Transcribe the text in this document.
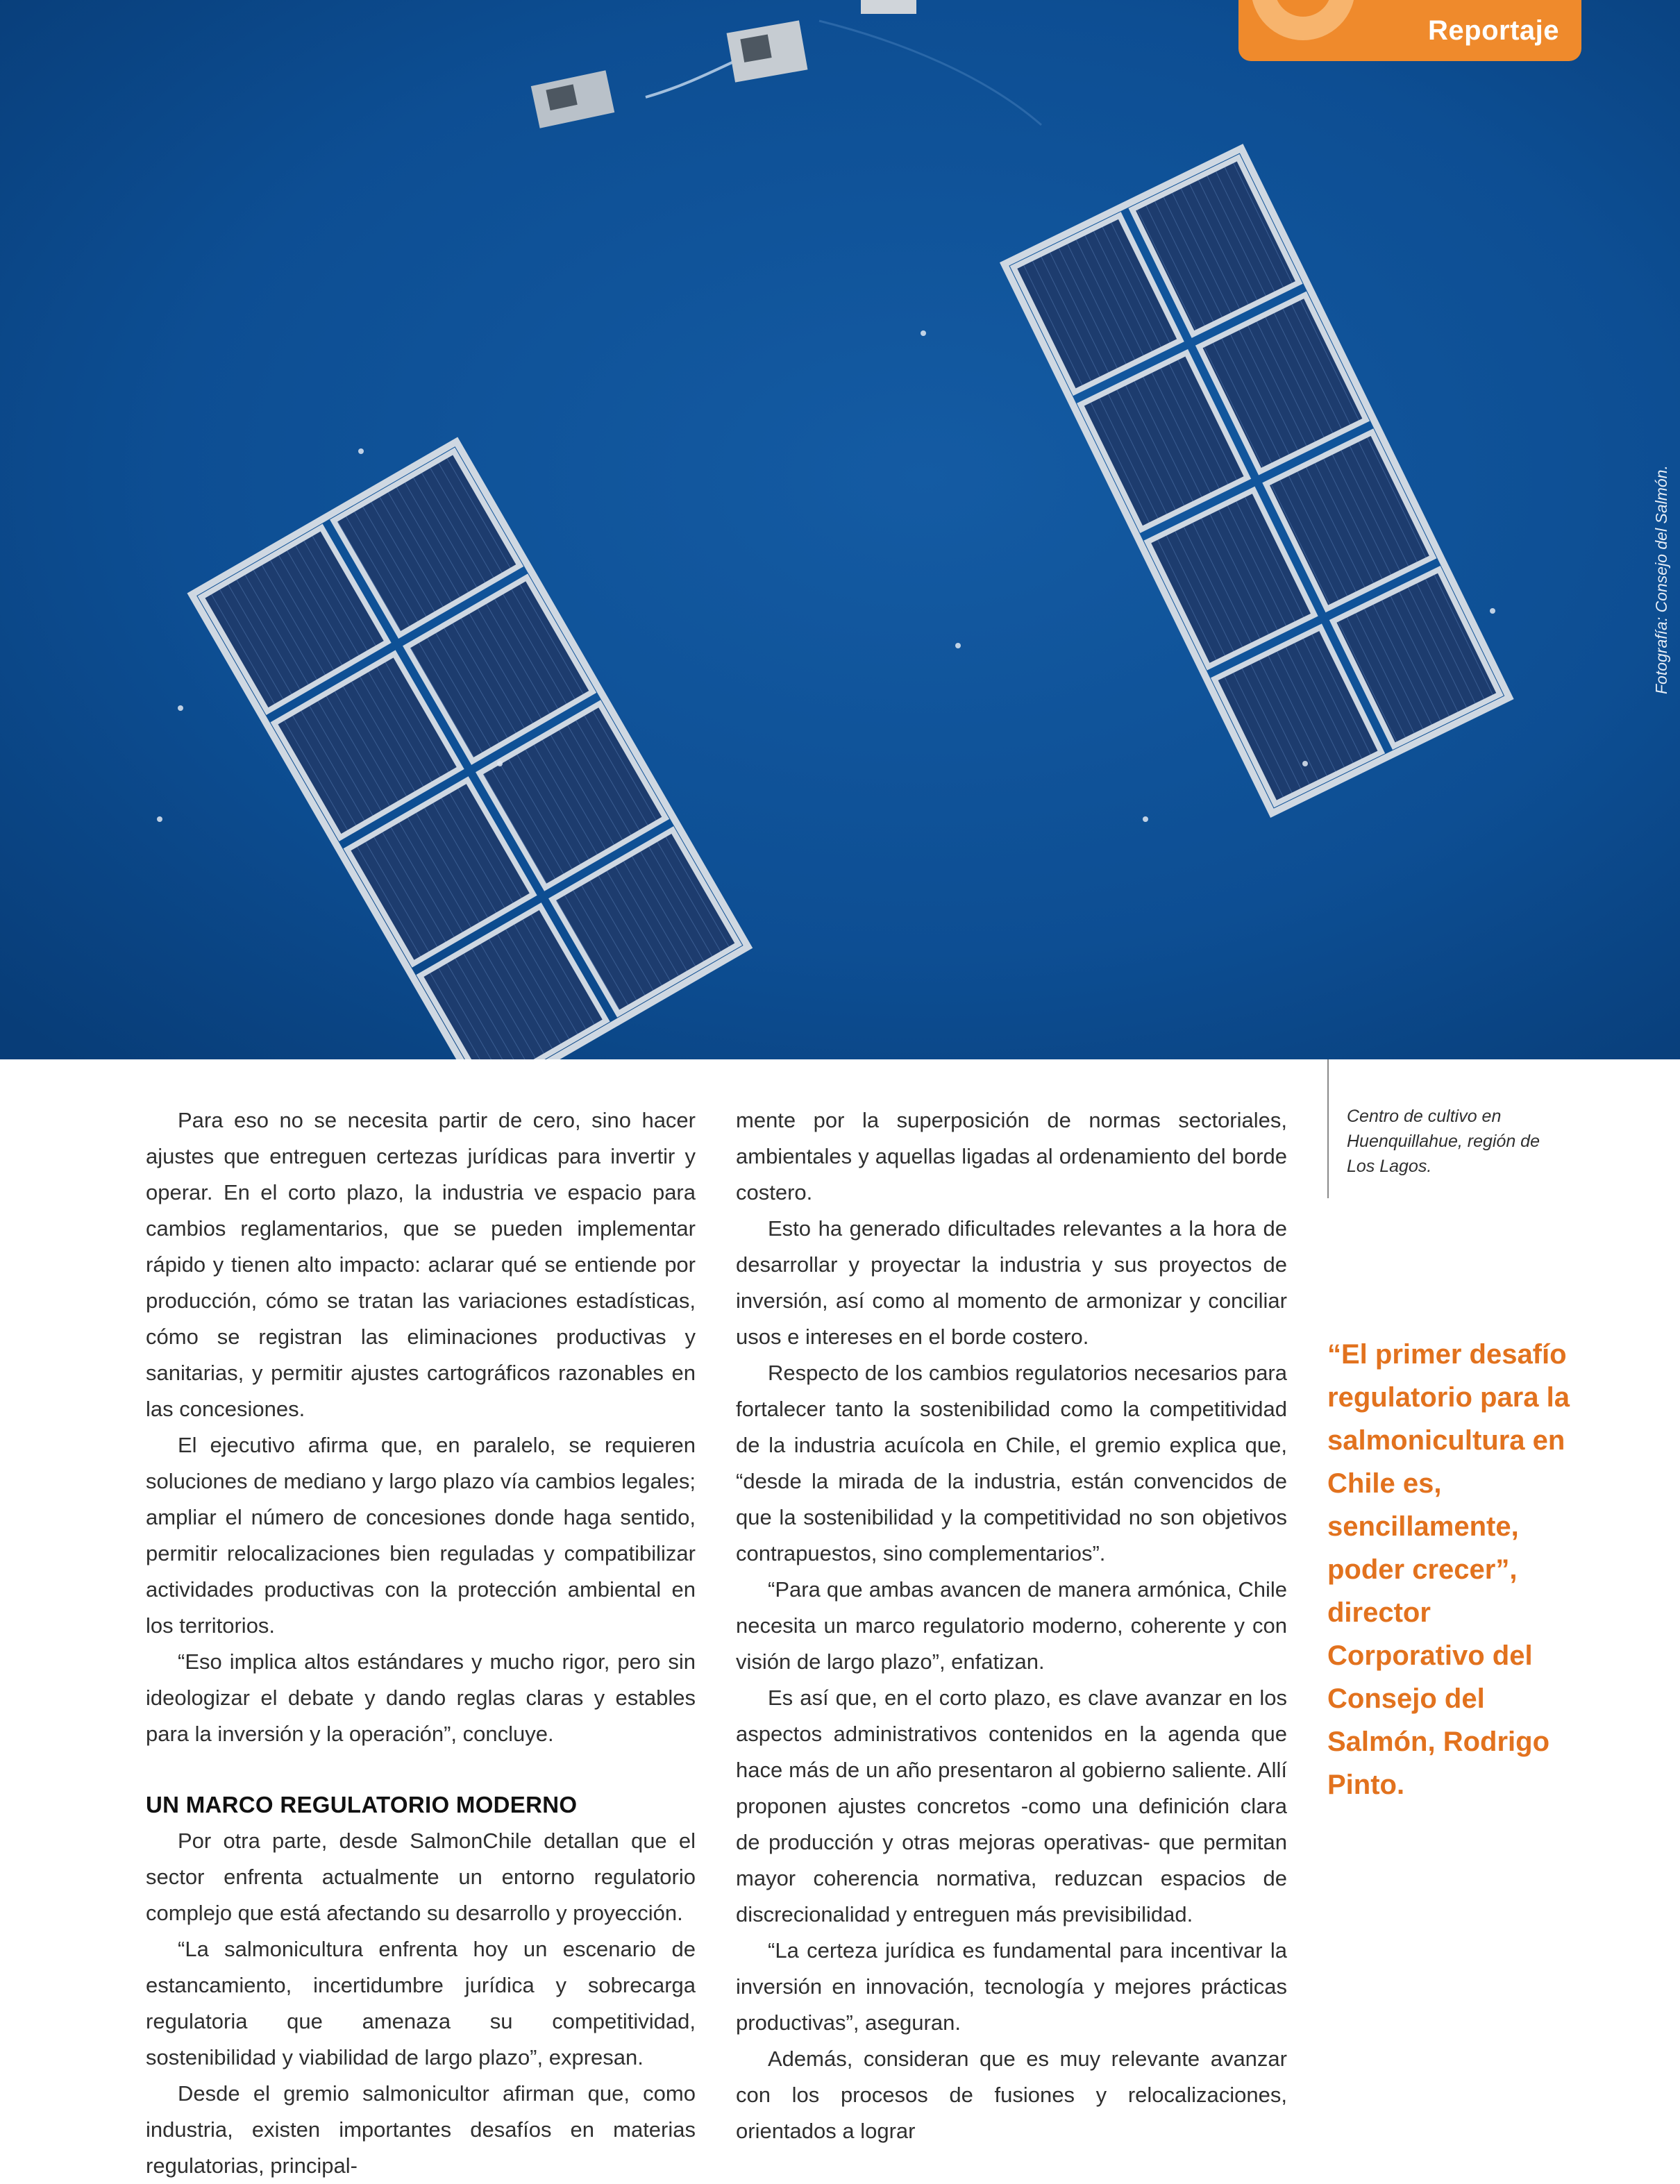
Reportaje
Fotografía: Consejo del Salmón.

Para eso no se necesita partir de cero, sino hacer ajustes que entreguen certezas jurídicas para invertir y operar. En el corto plazo, la industria ve espacio para cambios reglamentarios, que se pueden implementar rápido y tienen alto impacto: aclarar qué se entiende por producción, cómo se tratan las variaciones estadísticas, cómo se registran las eliminaciones productivas y sanitarias, y permitir ajustes cartográficos razonables en las concesiones.

El ejecutivo afirma que, en paralelo, se requieren soluciones de mediano y largo plazo vía cambios legales; ampliar el número de concesiones donde haga sentido, permitir relocalizaciones bien reguladas y compatibilizar actividades productivas con la protección ambiental en los territorios.

“Eso implica altos estándares y mucho rigor, pero sin ideologizar el debate y dando reglas claras y estables para la inversión y la operación”, concluye.

UN MARCO REGULATORIO MODERNO

Por otra parte, desde SalmonChile detallan que el sector enfrenta actualmente un entorno regulatorio complejo que está afectando su desarrollo y proyección.

“La salmonicultura enfrenta hoy un escenario de estancamiento, incertidumbre jurídica y sobrecarga regulatoria que amenaza su competitividad, sostenibilidad y viabilidad de largo plazo”, expresan.

Desde el gremio salmonicultor afirman que, como industria, existen importantes desafíos en materias regulatorias, principal-

mente por la superposición de normas sectoriales, ambientales y aquellas ligadas al ordenamiento del borde costero.

Esto ha generado dificultades relevantes a la hora de desarrollar y proyectar la industria y sus proyectos de inversión, así como al momento de armonizar y conciliar usos e intereses en el borde costero.

Respecto de los cambios regulatorios necesarios para fortalecer tanto la sostenibilidad como la competitividad de la industria acuícola en Chile, el gremio explica que, “desde la mirada de la industria, están convencidos de que la sostenibilidad y la competitividad no son objetivos contrapuestos, sino complementarios”.

“Para que ambas avancen de manera armónica, Chile necesita un marco regulatorio moderno, coherente y con visión de largo plazo”, enfatizan.

Es así que, en el corto plazo, es clave avanzar en los aspectos administrativos contenidos en la agenda que hace más de un año presentaron al gobierno saliente. Allí proponen ajustes concretos -como una definición clara de producción y otras mejoras operativas- que permitan mayor coherencia normativa, reduzcan espacios de discrecionalidad y entreguen más previsibilidad.

“La certeza jurídica es fundamental para incentivar la inversión en innovación, tecnología y mejores prácticas productivas”, aseguran.

Además, consideran que es muy relevante avanzar con los procesos de fusiones y relocalizaciones, orientados a lograr

Centro de cultivo en Huenquillahue, región de Los Lagos.
“El primer desafío regulatorio para la salmonicultura en Chile es, sencillamente, poder crecer”, director Corporativo del Consejo del Salmón, Rodrigo Pinto.
